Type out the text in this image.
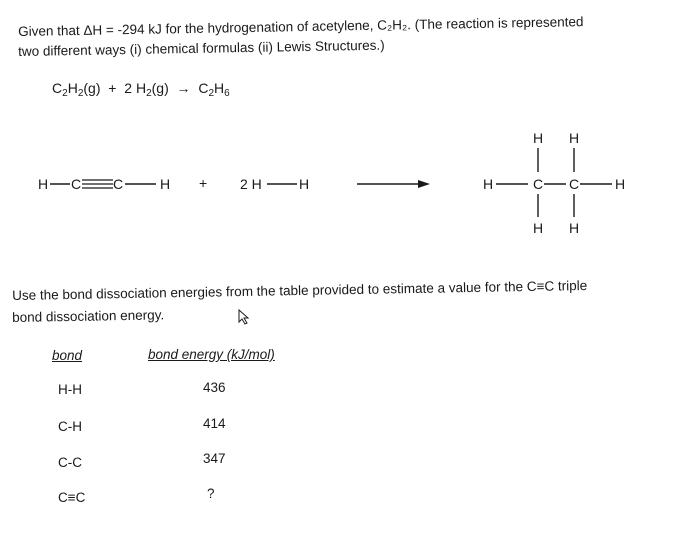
Given that ΔH = -294 kJ for the hydrogenation of acetylene, C₂H₂. (The reaction is represented
two different ways (i) chemical formulas (ii) Lewis Structures.)
$C_2H_2(g) + 2$ $H_2(g) \to C_2H_6$
H C C	H + 2 H	H
H H
H	C C	H
H H
Use the bond dissociation energies from the table provided to estimate a value for the C≡C triple
bond dissociation energy.
bond	bond energy (kJ/mol)
H-H	436
C-H	414
C-C	347
C≡C	?
